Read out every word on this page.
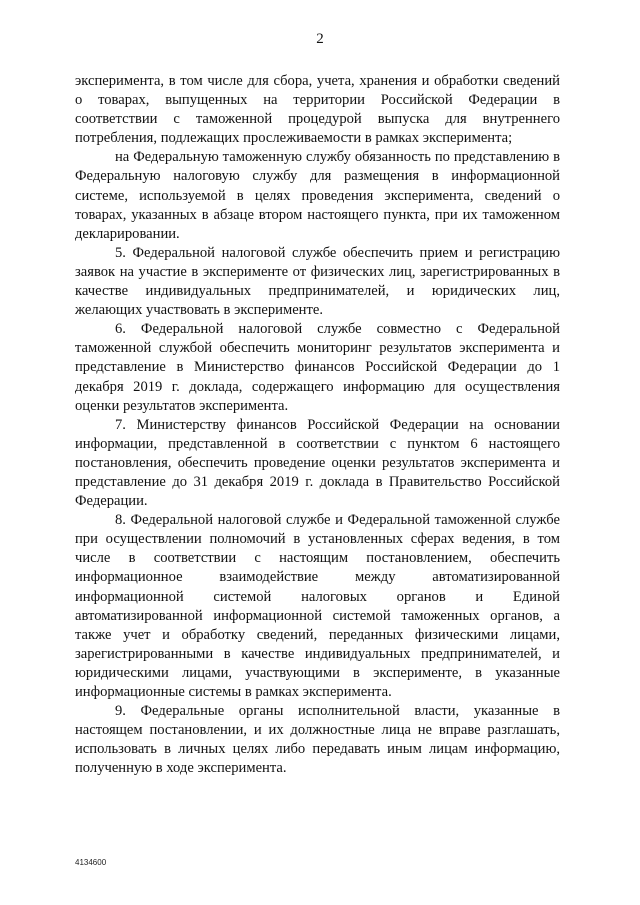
2

эксперимента, в том числе для сбора, учета, хранения и обработки сведений о товарах, выпущенных на территории Российской Федерации в соответствии с таможенной процедурой выпуска для внутреннего потребления, подлежащих прослеживаемости в рамках эксперимента;

на Федеральную таможенную службу обязанность по представлению в Федеральную налоговую службу для размещения в информационной системе, используемой в целях проведения эксперимента, сведений о товарах, указанных в абзаце втором настоящего пункта, при их таможенном декларировании.

5. Федеральной налоговой службе обеспечить прием и регистрацию заявок на участие в эксперименте от физических лиц, зарегистрированных в качестве индивидуальных предпринимателей, и юридических лиц, желающих участвовать в эксперименте.

6. Федеральной налоговой службе совместно с Федеральной таможенной службой обеспечить мониторинг результатов эксперимента и представление в Министерство финансов Российской Федерации до 1 декабря 2019 г. доклада, содержащего информацию для осуществления оценки результатов эксперимента.

7. Министерству финансов Российской Федерации на основании информации, представленной в соответствии с пунктом 6 настоящего постановления, обеспечить проведение оценки результатов эксперимента и представление до 31 декабря 2019 г. доклада в Правительство Российской Федерации.

8. Федеральной налоговой службе и Федеральной таможенной службе при осуществлении полномочий в установленных сферах ведения, в том числе в соответствии с настоящим постановлением, обеспечить информационное взаимодействие между автоматизированной информационной системой налоговых органов и Единой автоматизированной информационной системой таможенных органов, а также учет и обработку сведений, переданных физическими лицами, зарегистрированными в качестве индивидуальных предпринимателей, и юридическими лицами, участвующими в эксперименте, в указанные информационные системы в рамках эксперимента.

9. Федеральные органы исполнительной власти, указанные в настоящем постановлении, и их должностные лица не вправе разглашать, использовать в личных целях либо передавать иным лицам информацию, полученную в ходе эксперимента.

4134600
